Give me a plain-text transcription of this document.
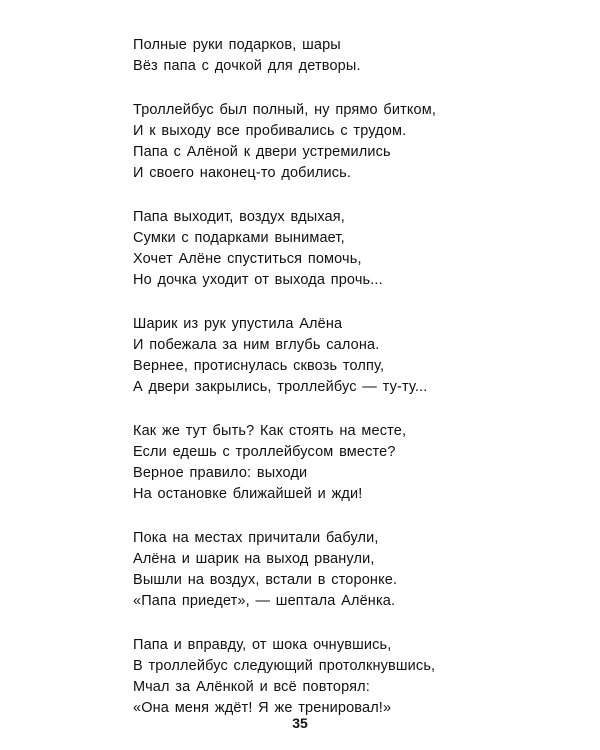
Полные руки подарков, шары
Вёз папа с дочкой для детворы.
Троллейбус был полный, ну прямо битком,
И к выходу все пробивались с трудом.
Папа с Алёной к двери устремились
И своего наконец-то добились.
Папа выходит, воздух вдыхая,
Сумки с подарками вынимает,
Хочет Алёне спуститься помочь,
Но дочка уходит от выхода прочь...
Шарик из рук упустила Алёна
И побежала за ним вглубь салона.
Вернее, протиснулась сквозь толпу,
А двери закрылись, троллейбус — ту-ту...
Как же тут быть? Как стоять на месте,
Если едешь с троллейбусом вместе?
Верное правило: выходи
На остановке ближайшей и жди!
Пока на местах причитали бабули,
Алёна и шарик на выход рванули,
Вышли на воздух, встали в сторонке.
«Папа приедет», — шептала Алёнка.
Папа и вправду, от шока очнувшись,
В троллейбус следующий протолкнувшись,
Мчал за Алёнкой и всё повторял:
«Она меня ждёт! Я же тренировал!»
35
